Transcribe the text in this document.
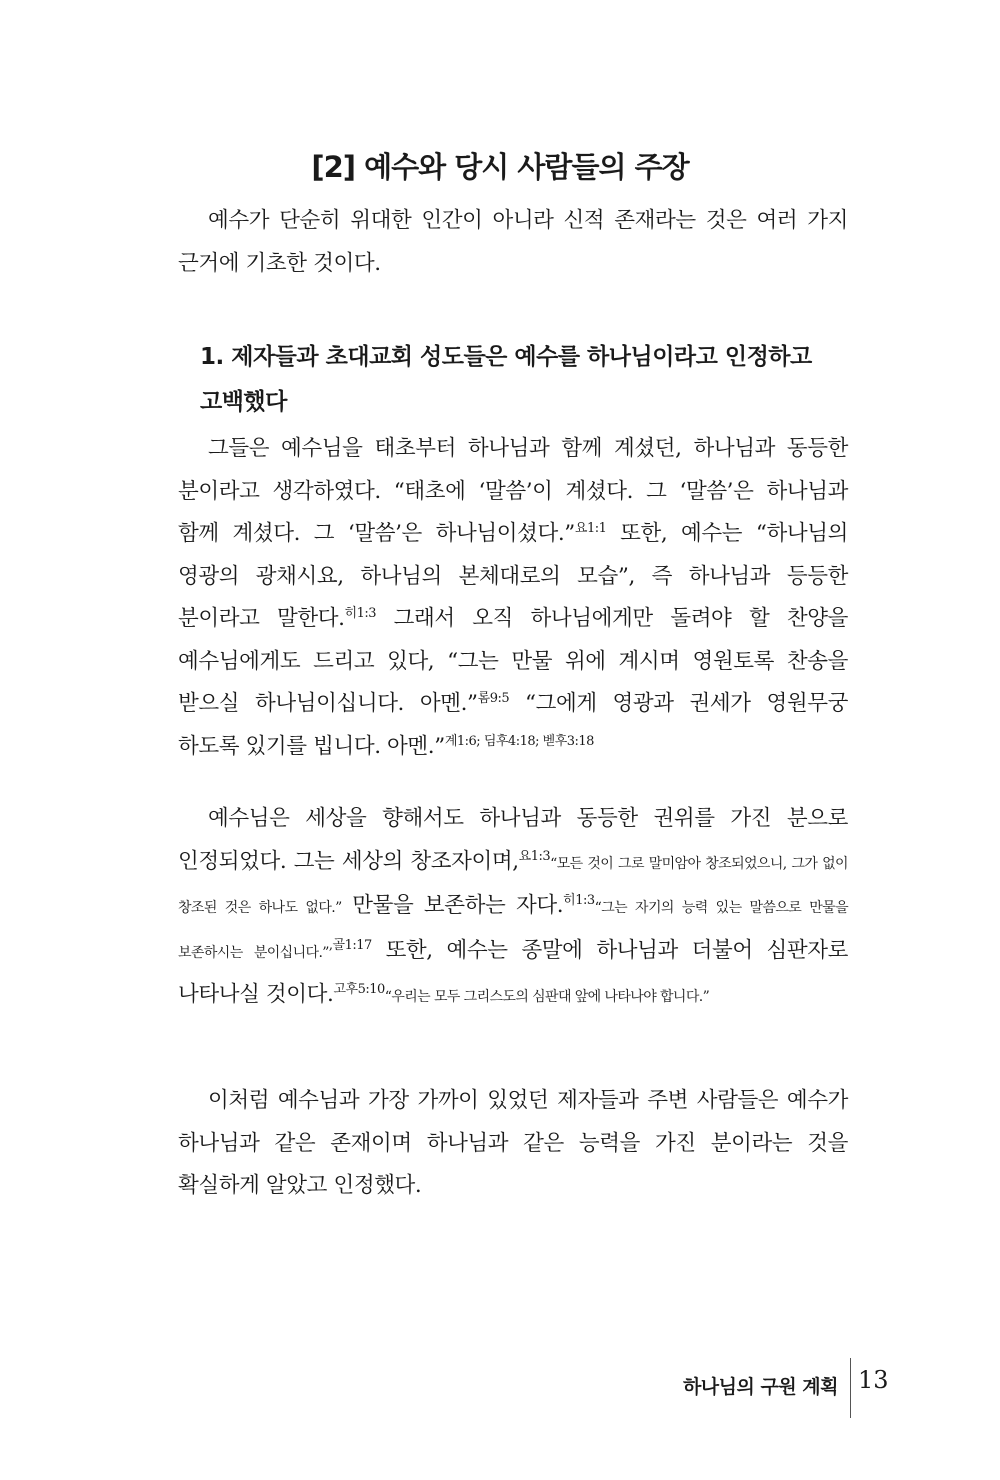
[2] 예수와 당시 사람들의 주장
예수가 단순히 위대한 인간이 아니라 신적 존재라는 것은 여러 가지 근거에 기초한 것이다.
1. 제자들과 초대교회 성도들은 예수를 하나님이라고 인정하고 고백했다
그들은 예수님을 태초부터 하나님과 함께 계셨던, 하나님과 동등한 분이라고 생각하였다. “태초에 ‘말씀’이 계셨다. 그 ‘말씀’은 하나님과 함께 계셨다. 그 ‘말씀’은 하나님이셨다.”$^{요1:1}$ 또한, 예수는 “하나님의 영광의 광채시요, 하나님의 본체대로의 모습”, 즉 하나님과 등등한 분이라고 말한다.$^{히1:3}$ 그래서 오직 하나님에게만 돌려야 할 찬양을 예수님에게도 드리고 있다, “그는 만물 위에 계시며 영원토록 찬송을 받으실 하나님이십니다. 아멘.”$^{롬9:5}$ “그에게 영광과 권세가 영원무궁 하도록 있기를 빕니다. 아멘.”$^{계1:6; 딤후4:18; 벧후3:18}$
예수님은 세상을 향해서도 하나님과 동등한 권위를 가진 분으로 인정되었다. 그는 세상의 창조자이며,$^{요1:3}$“모든 것이 그로 말미암아 창조되었으니, 그가 없이 창조된 것은 하나도 없다.” 만물을 보존하는 자다.$^{히1:3}$“그는 자기의 능력 있는 말씀으로 만물을 보존하시는 분이십니다.”$^{,골1:17}$ 또한, 예수는 종말에 하나님과 더불어 심판자로 나타나실 것이다.$^{고후5:10}$“우리는 모두 그리스도의 심판대 앞에 나타나야 합니다.”
이처럼 예수님과 가장 가까이 있었던 제자들과 주변 사람들은 예수가 하나님과 같은 존재이며 하나님과 같은 능력을 가진 분이라는 것을 확실하게 알았고 인정했다.
하나님의 구원 계획 13
